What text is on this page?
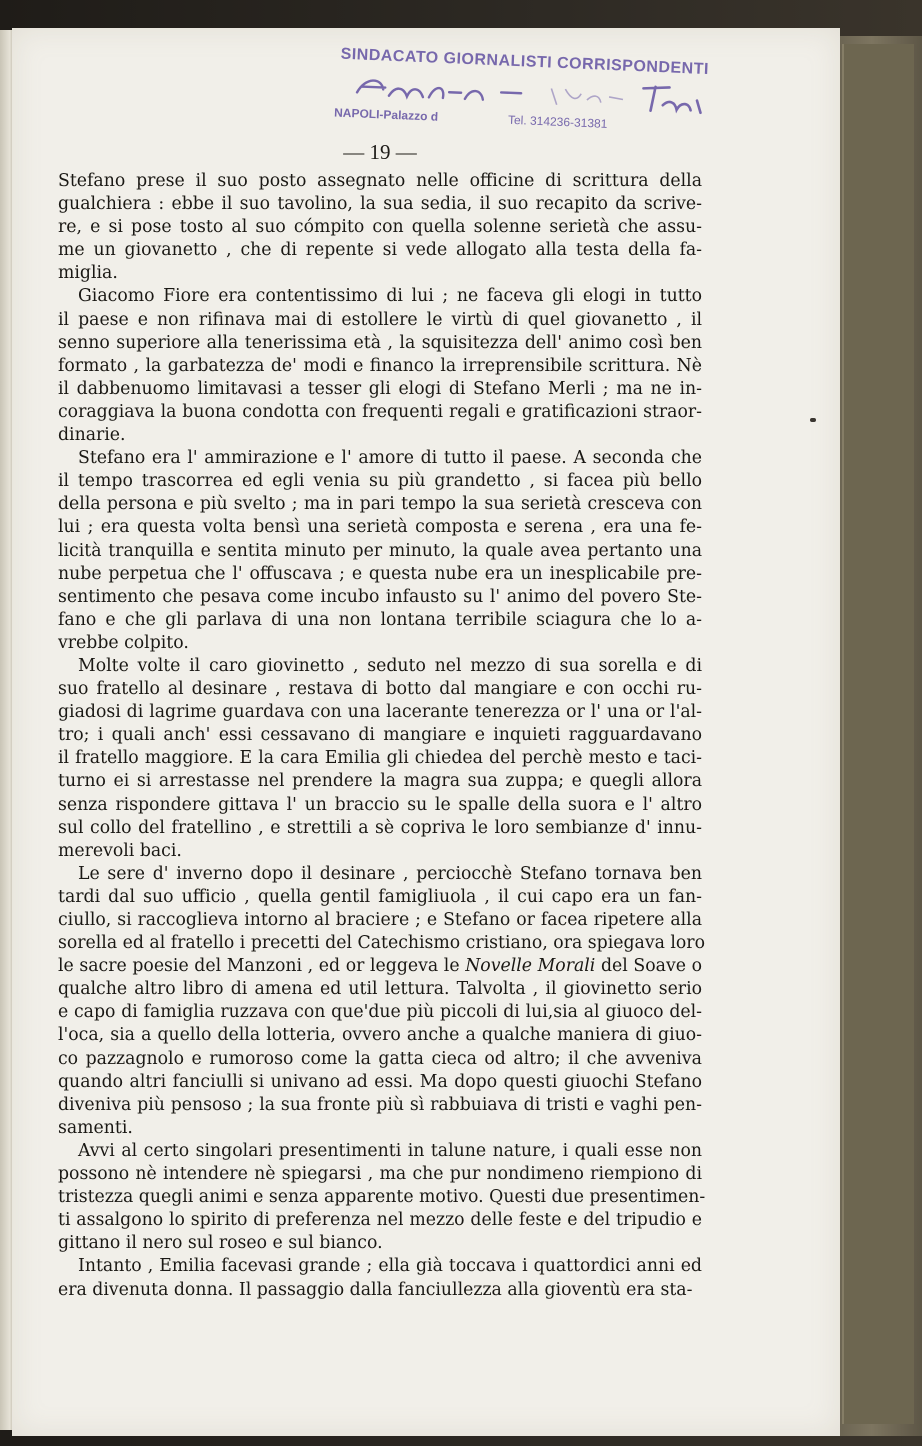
SINDACATO GIORNALISTI CORRISPONDENTI
NAPOLI-Palazzo d	Tel. 314236-31381
— 19 —
Stefano prese il suo posto assegnato nelle officine di scrittura della
gualchiera : ebbe il suo tavolino, la sua sedia, il suo recapito da scrive-
re, e si pose tosto al suo cómpito con quella solenne serietà che assu-
me un giovanetto , che di repente si vede allogato alla testa della fa-
miglia.
Giacomo Fiore era contentissimo di lui ; ne faceva gli elogi in tutto
il paese e non rifinava mai di estollere le virtù di quel giovanetto , il
senno superiore alla tenerissima età , la squisitezza dell' animo così ben
formato , la garbatezza de' modi e financo la irreprensibile scrittura. Nè
il dabbenuomo limitavasi a tesser gli elogi di Stefano Merli ; ma ne in-
coraggiava la buona condotta con frequenti regali e gratificazioni straor-
dinarie.
Stefano era l' ammirazione e l' amore di tutto il paese. A seconda che
il tempo trascorrea ed egli venia su più grandetto , si facea più bello
della persona e più svelto ; ma in pari tempo la sua serietà cresceva con
lui ; era questa volta bensì una serietà composta e serena , era una fe-
licità tranquilla e sentita minuto per minuto, la quale avea pertanto una
nube perpetua che l' offuscava ; e questa nube era un inesplicabile pre-
sentimento che pesava come incubo infausto su l' animo del povero Ste-
fano e che gli parlava di una non lontana terribile sciagura che lo a-
vrebbe colpito.
Molte volte il caro giovinetto , seduto nel mezzo di sua sorella e di
suo fratello al desinare , restava di botto dal mangiare e con occhi ru-
giadosi di lagrime guardava con una lacerante tenerezza or l' una or l'al-
tro; i quali anch' essi cessavano di mangiare e inquieti ragguardavano
il fratello maggiore. E la cara Emilia gli chiedea del perchè mesto e taci-
turno ei si arrestasse nel prendere la magra sua zuppa; e quegli allora
senza rispondere gittava l' un braccio su le spalle della suora e l' altro
sul collo del fratellino , e strettili a sè copriva le loro sembianze d' innu-
merevoli baci.
Le sere d' inverno dopo il desinare , perciocchè Stefano tornava ben
tardi dal suo ufficio , quella gentil famigliuola , il cui capo era un fan-
ciullo, si raccoglieva intorno al braciere ; e Stefano or facea ripetere alla
sorella ed al fratello i precetti del Catechismo cristiano, ora spiegava loro
le sacre poesie del Manzoni , ed or leggeva le Novelle Morali del Soave o
qualche altro libro di amena ed util lettura. Talvolta , il giovinetto serio
e capo di famiglia ruzzava con que'due più piccoli di lui,sia al giuoco del-
l'oca, sia a quello della lotteria, ovvero anche a qualche maniera di giuo-
co pazzagnolo e rumoroso come la gatta cieca od altro; il che avveniva
quando altri fanciulli si univano ad essi. Ma dopo questi giuochi Stefano
diveniva più pensoso ; la sua fronte più sì rabbuiava di tristi e vaghi pen-
samenti.
Avvi al certo singolari presentimenti in talune nature, i quali esse non
possono nè intendere nè spiegarsi , ma che pur nondimeno riempiono di
tristezza quegli animi e senza apparente motivo. Questi due presentimen-
ti assalgono lo spirito di preferenza nel mezzo delle feste e del tripudio e
gittano il nero sul roseo e sul bianco.
Intanto , Emilia facevasi grande ; ella già toccava i quattordici anni ed
era divenuta donna. Il passaggio dalla fanciullezza alla gioventù era sta-
